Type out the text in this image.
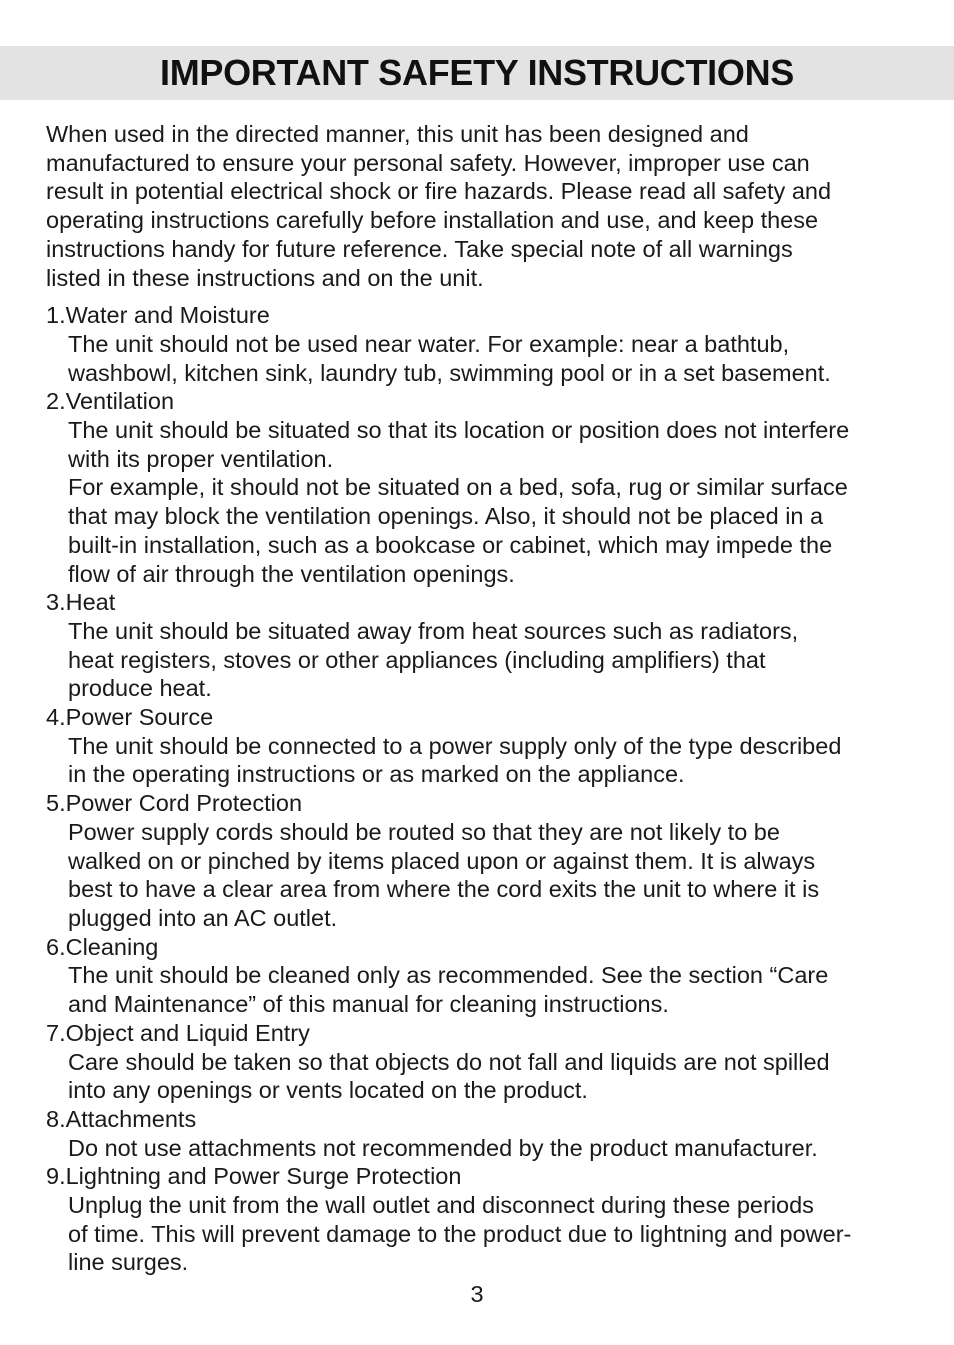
IMPORTANT SAFETY INSTRUCTIONS

When used in the directed manner, this unit has been designed and
manufactured to ensure your personal safety. However, improper use can
result in potential electrical shock or fire hazards. Please read all safety and
operating instructions carefully before installation and use, and keep these
instructions handy for future reference. Take special note of all warnings
listed in these instructions and on the unit.

1.Water and Moisture

The unit should not be used near water. For example: near a bathtub,
washbowl, kitchen sink, laundry tub, swimming pool or in a set basement.

2.Ventilation

The unit should be situated so that its location or position does not interfere
with its proper ventilation.
For example, it should not be situated on a bed, sofa, rug or similar surface
that may block the ventilation openings. Also, it should not be placed in a
built-in installation, such as a bookcase or cabinet, which may impede the
flow of air through the ventilation openings.

3.Heat

The unit should be situated away from heat sources such as radiators,
heat registers, stoves or other appliances (including amplifiers) that
produce heat.

4.Power Source

The unit should be connected to a power supply only of the type described
in the operating instructions or as marked on the appliance.

5.Power Cord Protection

Power supply cords should be routed so that they are not likely to be
walked on or pinched by items placed upon or against them. It is always
best to have a clear area from where the cord exits the unit to where it is
plugged into an AC outlet.

6.Cleaning

The unit should be cleaned only as recommended. See the section “Care
and Maintenance” of this manual for cleaning instructions.

7.Object and Liquid Entry

Care should be taken so that objects do not fall and liquids are not spilled
into any openings or vents located on the product.

8.Attachments

Do not use attachments not recommended by the product manufacturer.

9.Lightning and Power Surge Protection

Unplug the unit from the wall outlet and disconnect during these periods
of time. This will prevent damage to the product due to lightning and power-
line surges.

3
